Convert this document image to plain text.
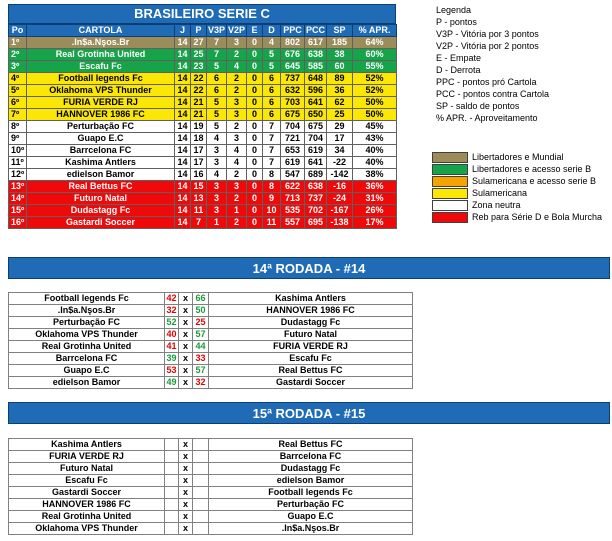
BRASILEIRO SERIE C
Po	CARTOLA	J	P	V3P	V2P	E	D	PPC	PCC	SP	% APR.
1º	.In$a.Nşos.Br	14	27	7	3	0	4	802	617	185	64%
2º	Real Grotinha United	14	25	7	2	0	5	676	638	38	60%
3º	Escafu Fc	14	23	5	4	0	5	645	585	60	55%
4º	Football legends Fc	14	22	6	2	0	6	737	648	89	52%
5º	Oklahoma VPS Thunder	14	22	6	2	0	6	632	596	36	52%
6º	FURIA VERDE RJ	14	21	5	3	0	6	703	641	62	50%
7º	HANNOVER 1986 FC	14	21	5	3	0	6	675	650	25	50%
8º	Perturbação FC	14	19	5	2	0	7	704	675	29	45%
9º	Guapo E.C	14	18	4	3	0	7	721	704	17	43%
10º	Barrcelona FC	14	17	3	4	0	7	653	619	34	40%
11º	Kashima Antlers	14	17	3	4	0	7	619	641	-22	40%
12º	edielson Bamor	14	16	4	2	0	8	547	689	-142	38%
13º	Real Bettus FC	14	15	3	3	0	8	622	638	-16	36%
14º	Futuro Natal	14	13	3	2	0	9	713	737	-24	31%
15º	Dudastagg Fc	14	11	3	1	0	10	535	702	-167	26%
16º	Gastardi Soccer	14	7	1	2	0	11	557	695	-138	17%
Legenda
P - pontos
V3P - Vitória por 3 pontos
V2P - Vitória por 2 pontos
E - Empate
D - Derrota
PPC - pontos pró Cartola
PCC - pontos contra Cartola
SP - saldo de pontos
% APR. - Aproveitamento
Libertadores e Mundial
Libertadores e acesso serie B
Sulamericana e acesso serie B
Sulamericana
Zona neutra
Reb para Série D e Bola Murcha
14ª RODADA - #14
Football legends Fc	42	x	66	Kashima Antlers
.In$a.Nşos.Br	32	x	50	HANNOVER 1986 FC
Perturbação FC	52	x	25	Dudastagg Fc
Oklahoma VPS Thunder	40	x	57	Futuro Natal
Real Grotinha United	41	x	44	FURIA VERDE RJ
Barrcelona FC	39	x	33	Escafu Fc
Guapo E.C	53	x	57	Real Bettus FC
edielson Bamor	49	x	32	Gastardi Soccer
15ª RODADA - #15
Kashima Antlers		x		Real Bettus FC
FURIA VERDE RJ		x		Barrcelona FC
Futuro Natal		x		Dudastagg Fc
Escafu Fc		x		edielson Bamor
Gastardi Soccer		x		Football legends Fc
HANNOVER 1986 FC		x		Perturbação FC
Real Grotinha United		x		Guapo E.C
Oklahoma VPS Thunder		x		.In$a.Nşos.Br
